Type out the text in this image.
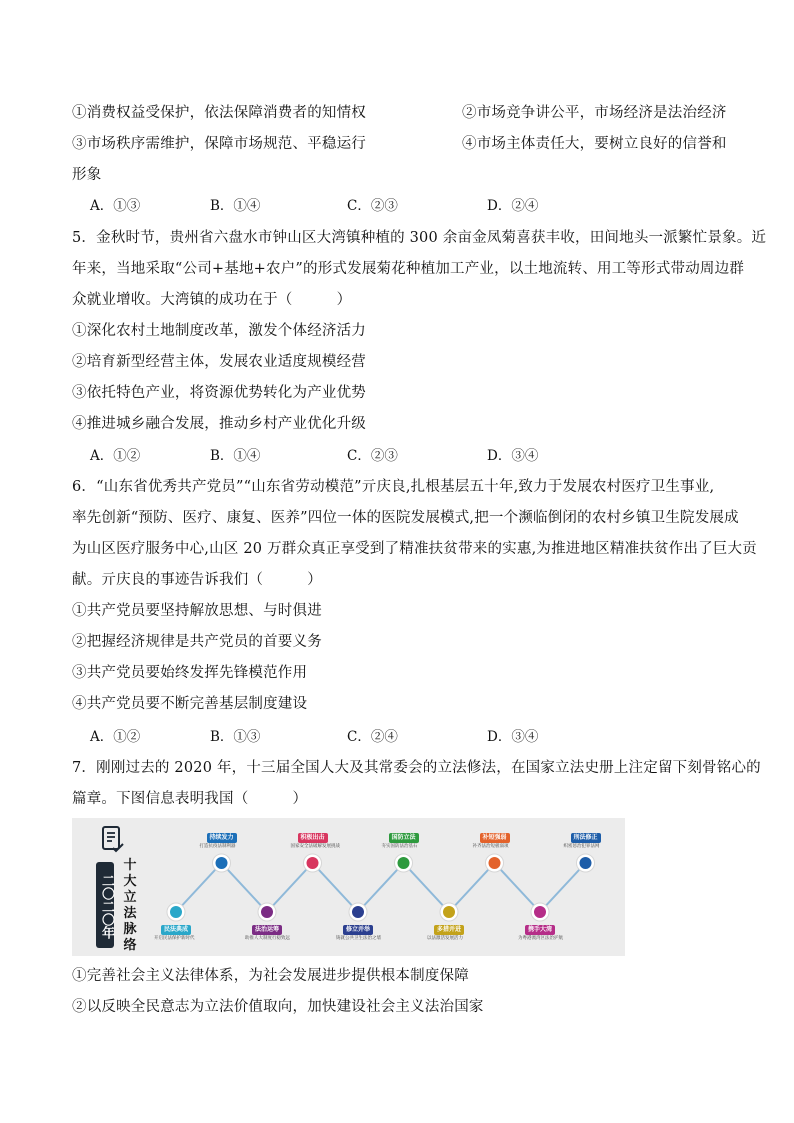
①消费权益受保护，依法保障消费者的知情权	②市场竞争讲公平，市场经济是法治经济
③市场秩序需维护，保障市场规范、平稳运行	④市场主体责任大，要树立良好的信誉和
形象
A．①③	B．①④	C．②③	D．②④
5．金秋时节，贵州省六盘水市钟山区大湾镇种植的 300 余亩金凤菊喜获丰收，田间地头一派繁忙景象。近
年来，当地采取“公司+基地+农户”的形式发展菊花种植加工产业，以土地流转、用工等形式带动周边群
众就业增收。大湾镇的成功在于（　　　）
①深化农村土地制度改革，激发个体经济活力
②培育新型经营主体，发展农业适度规模经营
③依托特色产业，将资源优势转化为产业优势
④推进城乡融合发展，推动乡村产业优化升级
A．①②	B．①④	C．②③	D．③④
6．“山东省优秀共产党员”“山东省劳动模范”亓庆良,扎根基层五十年,致力于发展农村医疗卫生事业,
率先创新“预防、医疗、康复、医养”四位一体的医院发展模式,把一个濒临倒闭的农村乡镇卫生院发展成
为山区医疗服务中心,山区 20 万群众真正享受到了精准扶贫带来的实惠,为推进地区精准扶贫作出了巨大贡
献。亓庆良的事迹告诉我们（　　　）
①共产党员要坚持解放思想、与时俱进
②把握经济规律是共产党员的首要义务
③共产党员要始终发挥先锋模范作用
④共产党员要不断完善基层制度建设
A．①②	B．①③	C．②④	D．③④
7．刚刚过去的 2020 年，十三届全国人大及其常委会的立法修法，在国家立法史册上注定留下刻骨铭心的
篇章。下图信息表明我国（　　　）
二〇二〇年
十大立法脉络
民法典成
开启民法保护新时代
持续发力
打造抗疫法制利器
法治运筹
助推人大制度行稳致远
积极出击
国家安全法破解发展挑战
修立并举
铸就公共卫生法治之墙
国防立法
夯实国防法治基石
多措并进
以法激活发展活力
补短强弱
补齐法治短板弱项
携手大湾
为粤港澳湾区法治护航
刑法修正
织密惩治犯罪法网
①完善社会主义法律体系，为社会发展进步提供根本制度保障
②以反映全民意志为立法价值取向，加快建设社会主义法治国家
